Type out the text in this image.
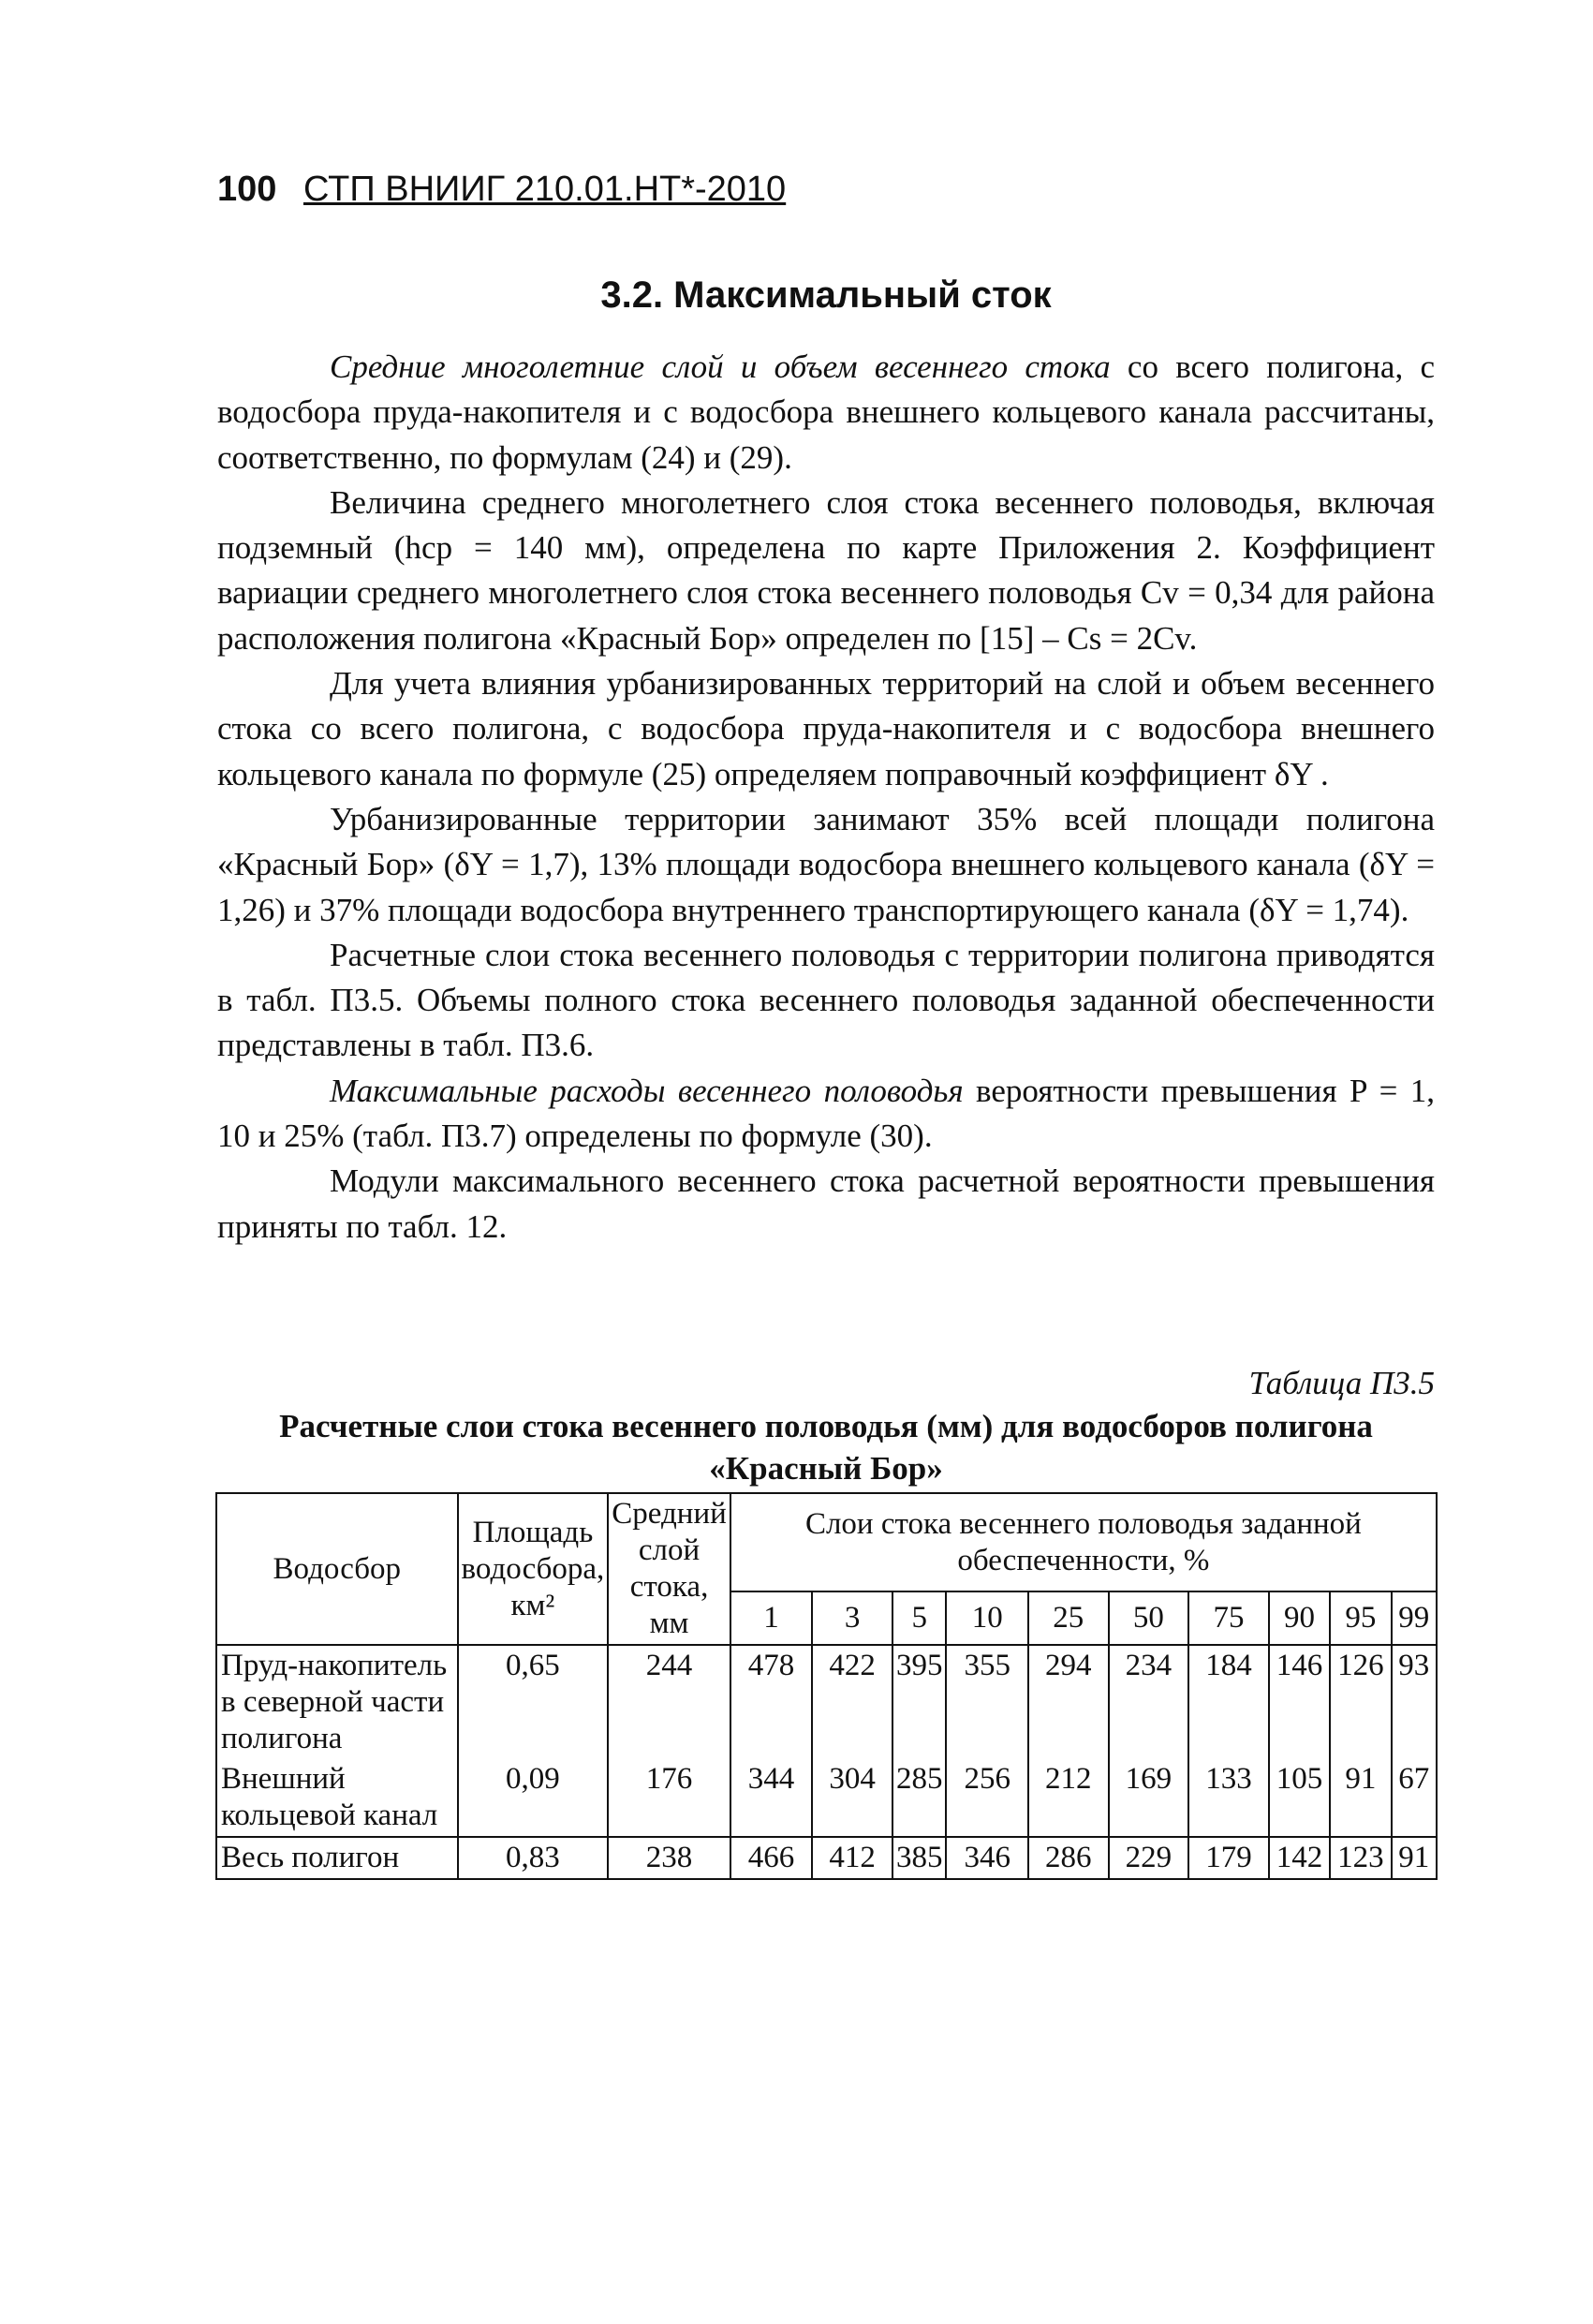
100 СТП ВНИИГ 210.01.НТ*-2010
3.2. Максимальный сток

Средние многолетние слой и объем весеннего стока со всего полигона, с водосбора пруда-накопителя и с водосбора внешнего кольцевого канала рассчитаны, соответственно, по формулам (24) и (29).

Величина среднего многолетнего слоя стока весеннего половодья, включая подземный (hср = 140 мм), определена по карте Приложения 2. Коэффициент вариации среднего многолетнего слоя стока весеннего половодья Cv = 0,34 для района расположения полигона «Красный Бор» определен по [15] – Cs = 2Cv.

Для учета влияния урбанизированных территорий на слой и объем весеннего стока со всего полигона, с водосбора пруда-накопителя и с водосбора внешнего кольцевого канала по формуле (25) определяем поправочный коэффициент δY .

Урбанизированные территории занимают 35% всей площади полигона «Красный Бор» (δY = 1,7), 13% площади водосбора внешнего кольцевого канала (δY = 1,26) и 37% площади водосбора внутреннего транспортирующего канала (δY = 1,74).

Расчетные слои стока весеннего половодья с территории полигона приводятся в табл. П3.5. Объемы полного стока весеннего половодья заданной обеспеченности представлены в табл. П3.6.

Максимальные расходы весеннего половодья вероятности превышения P = 1, 10 и 25% (табл. П3.7) определены по формуле (30).

Модули максимального весеннего стока расчетной вероятности превышения приняты по табл. 12.

Таблица П3.5
Расчетные слои стока весеннего половодья (мм) для водосборов полигона «Красный Бор»
Водосбор	Площадь водосбора, км²	Средний слой стока, мм	Слои стока весеннего половодья заданной обеспеченности, %									
			1	3	5	10	25	50	75	90	95	99
Пруд-накопитель в северной части полигона	0,65	244	478	422	395	355	294	234	184	146	126	93
Внешний кольцевой канал	0,09	176	344	304	285	256	212	169	133	105	91	67
Весь полигон	0,83	238	466	412	385	346	286	229	179	142	123	91
